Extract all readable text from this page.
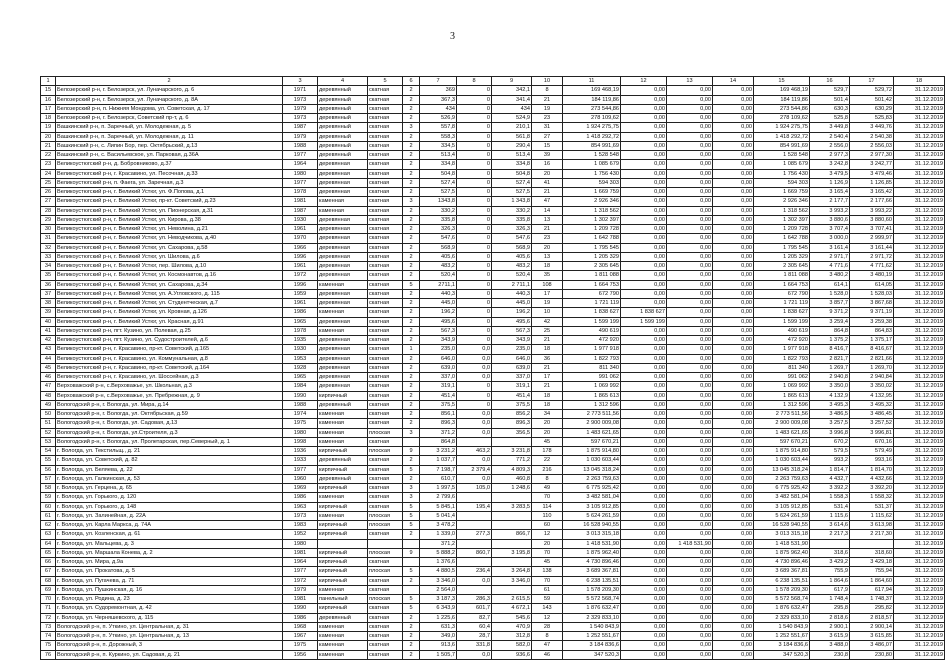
3
1	2	3	4	5	6	7	8	9	10	11	12	13	14	15	16	17	18
15	Белозерский р-н, г. Белозерск, ул. Луначарского, д. 6	1971	деревянный	скатная	2	369	0	342,1	8	169 468,19	0,00	0,00	0,00	169 468,19	529,7	529,72	31.12.2019
16	Белозерский р-н, г. Белозерск, ул. Луначарского, д. 8А	1973	деревянный	скатная	2	367,3	0	341,4	21	184 119,86	0,00	0,00	0,00	184 119,86	501,4	501,42	31.12.2019
17	Белозерский р-н, п. Нижняя Мондома, ул. Советская, д. 17	1979	деревянный	скатная	2	434	0	434	19	273 544,86	0,00	0,00	0,00	273 544,86	630,3	630,29	31.12.2019
18	Белозерский р-н, г. Белозерск, Советский пр-т, д. 6	1973	деревянный	скатная	2	526,9	0	524,9	23	278 109,62	0,00	0,00	0,00	278 109,62	525,8	525,83	31.12.2019
19	Вашкинский р-н, п. Заречный, ул. Молодежная, д. 5	1987	деревянный	скатная	3	557,8	0	210,1	31	1 924 275,75	0,00	0,00	0,00	1 924 275,75	3 449,8	3 449,76	31.12.2019
20	Вашкинский р-н, п. Заречный, ул. Молодежная, д. 11	1979	деревянный	скатная	2	558,3	0	561,8	27	1 418 292,72	0,00	0,00	0,00	1 418 292,72	2 540,4	2 540,38	31.12.2019
21	Вашкинский р-н, с. Липин Бор, пер. Октябрьский, д.13	1988	деревянный	скатная	2	334,5	0	290,4	15	854 991,69	0,00	0,00	0,00	854 991,69	2 556,0	2 556,03	31.12.2019
22	Вашкинский р-н, с. Васильевское, ул. Парковая, д.36А	1977	деревянный	скатная	2	513,4	0	513,4	39	1 528 548	0,00	0,00	0,00	1 528 548	2 977,3	2 977,30	31.12.2019
23	Великоустюгский р-н, д. Бобровниково, д.37	1964	деревянная	скатная	2	334,8	0	334,8	16	1 085 679	0,00	0,00	0,00	1 085 679	3 242,8	3 242,77	31.12.2019
24	Великоустюгский р-н, г. Красавино, ул. Песочная, д.33	1980	деревянная	скатная	2	504,8	0	504,8	20	1 756 430	0,00	0,00	0,00	1 756 430	3 479,5	3 479,46	31.12.2019
25	Великоустюгский р-н, п. Фаега, ул. Заречная, д.3	1977	деревянная	скатная	2	527,4	0	527,4	41	594 303	0,00	0,00	0,00	594 303	1 126,9	1 126,85	31.12.2019
26	Великоустюгский р-н, г. Великий Устюг, ул. Ф.Попова, д.1	1978	деревянная	скатная	2	527,5	0	527,5	21	1 669 759	0,00	0,00	0,00	1 669 759	3 165,4	3 165,42	31.12.2019
27	Великоустюгский р-н, г. Великий Устюг, пр-кт. Советский, д.23	1981	каменная	скатная	3	1343,8	0	1 343,8	47	2 926 346	0,00	0,00	0,00	2 926 346	2 177,7	2 177,66	31.12.2019
28	Великоустюгский р-н, г. Великий Устюг, ул. Пионерская, д.31	1987	каменная	скатная	2	330,2	0	330,2	14	1 318 562	0,00	0,00	0,00	1 318 562	3 993,2	3 993,22	31.12.2019
29	Великоустюгский р-н, г. Великий Устюг, ул. Кирова, д.38	1930	деревянная	скатная	2	335,8	0	335,8	13	1 302 397	0,00	0,00	0,00	1 302 397	3 880,6	3 880,60	31.12.2019
30	Великоустюгский р-н, г. Великий Устюг, ул. Неволина, д.21	1961	деревянная	скатная	2	326,3	0	326,3	21	1 209 728	0,00	0,00	0,00	1 209 728	3 707,4	3 707,41	31.12.2019
31	Великоустюгский р-н, г. Великий Устюг, ул. Неводчикова, д.40	1970	деревянная	скатная	2	547,6	0	547,6	23	1 642 788	0,00	0,00	0,00	1 642 788	3 000,0	2 999,97	31.12.2019
32	Великоустюгский р-н, г. Великий Устюг, ул. Сахарова, д.58	1966	деревянная	скатная	2	568,9	0	568,9	20	1 795 545	0,00	0,00	0,00	1 795 545	3 161,4	3 161,44	31.12.2019
33	Великоустюгский р-н, г. Великий Устюг, ул. Шилова, д.6	1996	деревянная	скатная	2	405,6	0	405,6	13	1 205 329	0,00	0,00	0,00	1 205 329	2 971,7	2 971,72	31.12.2019
34	Великоустюгский р-н, г. Великий Устюг, пер. Шилова, д.10	1961	деревянная	скатная	2	483,2	0	483,2	18	2 305 645	0,00	0,00	0,00	2 305 645	4 771,6	4 771,62	31.12.2019
35	Великоустюгский р-н, г. Великий Устюг, ул. Космонавтов, д.16	1972	деревянная	скатная	2	520,4	0	520,4	35	1 811 088	0,00	0,00	0,00	1 811 088	3 480,2	3 480,19	31.12.2019
36	Великоустюгский р-н, г. Великий Устюг, ул. Сахарова, д.34	1996	каменная	скатная	5	2711,1	0	2 711,1	108	1 664 753	0,00	0,00	0,00	1 664 753	614,1	614,05	31.12.2019
37	Великоустюгский р-н, г. Великий Устюг, ул. А.Угловского, д. 115	1959	деревянная	скатная	2	440,3	0	440,3	17	672 790	0,00	0,00	0,00	672 790	1 528,0	1 528,03	31.12.2019
38	Великоустюгский р-н, г. Великий Устюг, ул. Студентческая, д.7	1961	деревянная	скатная	2	445,0	0	445,0	19	1 721 119	0,00	0,00	0,00	1 721 119	3 857,7	3 867,68	31.12.2019
39	Великоустюгский р-н, г. Великий Устюг, ул. Кровная, д.126	1986	каменная	скатная	2	196,2	0	196,2	10	1 838 627	1 838 627	0,00	0,00	1 838 627	9 371,2	9 371,19	31.12.2019
40	Великоустюгский р-н, г. Великий Устюг, ул. Красная, д.91	1965	деревянная	скатная	2	495,6	0	495,6	42	1 599 199	1 599 199	0,00	0,00	1 599 199	3 259,4	3 259,38	31.12.2019
41	Великоустюгский р-н, пгт. Кузино, ул. Полевая, д.25	1978	каменная	скатная	2	567,3	0	567,3	25	490 619	0,00	0,00	0,00	490 619	864,8	864,83	31.12.2019
42	Великоустюгский р-н, пгт. Кузино, ул. Судостроителей, д.6	1935	деревянная	скатная	2	343,9	0	343,9	21	472 920	0,00	0,00	0,00	472 920	1 375,2	1 375,17	31.12.2019
43	Великоустюгский р-н, г. Красавино, пр-кт. Советский, д.165	1930	деревянная	скатная	1	235,0	0,0	235,0	18	1 977 918	0,00	0,00	0,00	1 977 918	8 416,7	8 416,67	31.12.2019
44	Великоустюгский р-н, г. Красавино, ул. Коммунальная, д.8	1953	деревянная	скатная	2	646,0	0,0	646,0	36	1 822 793	0,00	0,00	0,00	1 822 793	2 821,7	2 821,66	31.12.2019
45	Великоустюгский р-н, г. Красавино, пр-кт. Советский, д.164	1928	деревянная	скатная	2	639,0	0,0	639,0	21	811 340	0,00	0,00	0,00	811 340	1 269,7	1 269,70	31.12.2019
46	Великоустюгский р-н, г. Красавино, ул. Шоссейная, д.3	1965	деревянная	скатная	2	337,0	0,0	337,0	17	991 062	0,00	0,00	0,00	991 062	2 940,8	2 940,84	31.12.2019
47	Верховажский р-н, с.Верховажье, ул. Школьная, д.3	1984	деревянная	скатная	2	319,1	0	319,1	21	1 069 992	0,00	0,00	0,00	1 069 992	3 350,0	3 350,02	31.12.2019
48	Верховажский р-н, с.Верховажье, ул. Пребрежная, д. 9	1990	кирпичный	скатная	2	451,4	0	451,4	18	1 865 613	0,00	0,00	0,00	1 865 613	4 132,9	4 132,95	31.12.2019
49	Вологодский р-н, г. Вологда, ул. Мира, д.14	1988	деревянный	скатная	2	375,5	0	375,5	18	1 312 596	0,00	0,00	0,00	1 312 596	3 495,3	3 495,32	31.12.2019
50	Вологодский р-н, г. Вологда, ул. Октябрьская, д.59	1974	каменная	скатная	2	856,1	0,0	856,2	34	2 773 511,56	0,00	0,00	0,00	2 773 511,56	3 486,5	3 486,45	31.12.2019
51	Вологодский р-н, г. Вологда, ул. Садовая, д.13	1975	каменная	скатная	2	896,3	0,0	896,3	20	2 900 009,08	0,00	0,00	0,00	2 900 009,08	3 257,5	3 257,52	31.12.2019
52	Вологодский р-н, г. Вологда, ул.Строителя, д.3	1980	каменная	плоская	3	371,2	0,0	356,5	20	1 483 621,65	0,00	0,00	0,00	1 483 621,65	3 996,8	3 996,81	31.12.2019
53	Вологодский р-н, г. Вологда, ул. Пролетарская, пер.Северный, д. 1	1998	каменная	скатная		864,8			45	597 670,21	0,00	0,00	0,00	597 670,21	670,2	670,16	31.12.2019
54	г. Вологда, ул. Текстильщ., д. 21	1936	кирпичный	плоская	9	3 231,2	463,2	3 231,8	178	1 875 914,80	0,00	0,00	0,00	1 875 914,80	579,5	579,49	31.12.2019
55	г. Вологда, ул. Советский, д. 82	1933	деревянный	скатная	2	1 037,7	0,0	771,2	22	1 030 603,44	0,00	0,00	0,00	1 030 603,44	993,2	993,16	31.12.2019
56	г. Вологда, ул. Беляева, д. 22	1977	кирпичный	скатная	5	7 198,7	2 379,4	4 809,3	216	13 045 318,24	0,00	0,00	0,00	13 045 318,24	1 814,7	1 814,70	31.12.2019
57	г. Вологда, ул. Галкинская, д. 53	1960	деревянный	скатная	2	610,7	0,0	460,8	8	2 263 759,63	0,00	0,00	0,00	2 263 759,63	4 432,7	4 432,66	31.12.2019
58	г. Вологда, ул. Герцена, д. 65	1969	кирпичный	скатная	3	1 997,5	105,0	1 248,6	49	6 775 925,42	0,00	0,00	0,00	6 775 925,42	3 392,2	3 392,20	31.12.2019
59	г. Вологда, ул. Горького, д. 120	1986	каменная	скатная	3	2 799,6			70	3 482 581,04	0,00	0,00	0,00	3 482 581,04	1 558,3	1 558,32	31.12.2019
60	г. Вологда, ул. Горького, д. 148	1963	кирпичный	скатная	5	5 845,1	195,4	3 283,5	114	3 105 912,85	0,00	0,00	0,00	3 105 912,85	531,4	531,37	31.12.2019
61	г. Вологда, ул. Залинейная, д. 22А	1973	каменная	плоская	5	5 041,4			110	5 624 261,59	0,00	0,00	0,00	5 624 261,59	1 115,6	1 115,62	31.12.2019
62	г. Вологда, ул. Карла Маркса, д. 74А	1983	кирпичный	плоская	5	3 478,2			60	16 528 940,55	0,00	0,00	0,00	16 528 940,55	3 614,6	3 613,98	31.12.2019
63	г. Вологда, ул. Козленская, д. 61	1952	кирпичный	скатная	2	1 339,0	277,3	866,7	12	3 013 315,18	0,00	0,00	0,00	3 013 315,18	2 217,3	2 217,30	31.12.2019
64	г. Вологда, ул. Мальцева, д. 3	1980				371,2			20	1 418 531,90	0,00	1 418 531,90	0,00	1 418 531,90			31.12.2019
65	г. Вологда, ул. Маршала Конева, д. 2	1981	кирпичный	плоская	9	5 888,2	860,7	3 195,8	70	1 875 962,40	0,00	0,00	0,00	1 875 962,40	318,6	318,60	31.12.2019
66	г. Вологда, ул. Мира, д.9а	1964	кирпичный	скатная		1 376,6			45	4 730 896,46	0,00	0,00	0,00	4 730 896,46	3 429,2	3 429,18	31.12.2019
67	г. Вологда, ул. Прокатова, д. 5	1977	кирпичный	плоская	5	4 880,5	236,4	3 264,8	138	3 689 367,81	0,00	0,00	0,00	3 689 367,81	755,9	755,94	31.12.2019
68	г. Вологда, ул. Пугачева, д. 71	1972	кирпичный	скатная	2	3 346,0	0,0	3 346,0	70	6 238 135,51	0,00	0,00	0,00	6 238 135,51	1 864,6	1 864,60	31.12.2019
69	г. Вологда, ул. Пушкинская, д. 16	1979	каменная	скатная		2 564,0			61	1 578 209,30	0,00	0,00	0,00	1 578 209,30	617,9	617,94	31.12.2019
70	г. Вологда, ул. Родина, д. 23	1981	панельный	плоская	5	3 187,3	286,3	2 615,5	59	5 572 568,74	0,00	0,00	0,00	5 572 568,74	1 748,4	1 748,37	31.12.2019
71	г. Вологда, ул. Судоремонтная, д. 42	1990	кирпичный	скатная	5	6 343,9	601,7	4 672,1	143	1 876 632,47	0,00	0,00	0,00	1 876 632,47	295,8	295,82	31.12.2019
72	г. Вологда, ул. Черняшевского, д. 115	1986	деревянный	скатная	2	1 225,6	82,7	545,6	12	2 329 833,10	0,00	0,00	0,00	2 329 833,10	2 818,6	2 818,57	31.12.2019
73	Вологодский р-н, п. Уткино, ул. Центральная, д. 31	1968	каменная	скатная	2	631,3	60,4	470,9	28	1 540 843,9	0,00	0,00	0,00	1 540 843,9	2 900,1	2 900,14	31.12.2019
74	Вологодский р-н, п. Уткино, ул. Центральная, д. 13	1967	каменная	скатная	2	349,0	28,7	312,8	8	1 252 551,67	0,00	0,00	0,00	1 252 551,67	3 615,9	3 615,85	31.12.2019
75	Вологодский р-н, п. Дорожный, 3	1975	каменная	скатная	2	913,6	331,8	582,0	47	3 184 836,6	0,00	0,00	0,00	3 184 836,6	3 488,0	3 486,07	31.12.2019
76	Вологодский р-н, п. Куркино, ул. Садовая, д. 21	1956	каменная	скатная	2	1 505,7	0,0	936,6	46	347 520,3	0,00	0,00	0,00	347 520,3	230,8	230,80	31.12.2019
